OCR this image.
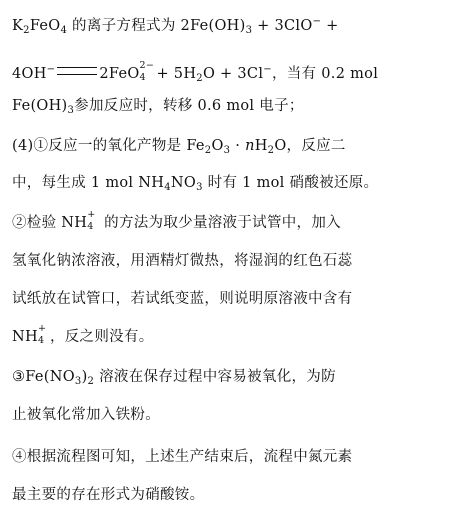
$K_2FeO_4$ 的离子方程式为 $2Fe(OH)_3 + 3ClO^-$ +
4OH−	2FeO
2−
$4 + 5H_2O + 3Cl^-$，当有 0.2 mol
$Fe(OH)_3$参加反应时，转移 0.6 mol 电子；
(4)①反应一的氧化产物是 $Fe_2O_3 \cdot nH_2O$，反应二
中，每生成 1 mol $NH_4NO_3$ 时有 1 mol 硝酸被还原。
②检验 NH
+
4 的方法为取少量溶液于试管中，加入
氢氧化钠浓溶液，用酒精灯微热，将湿润的红色石蕊
试纸放在试管口，若试纸变蓝，则说明原溶液中含有
NH
+
4 ，反之则没有。
$③Fe(NO_3)_2$ 溶液在保存过程中容易被氧化，为防
止被氧化常加入铁粉。
④根据流程图可知，上述生产结束后，流程中氮元素
最主要的存在形式为硝酸铵。
